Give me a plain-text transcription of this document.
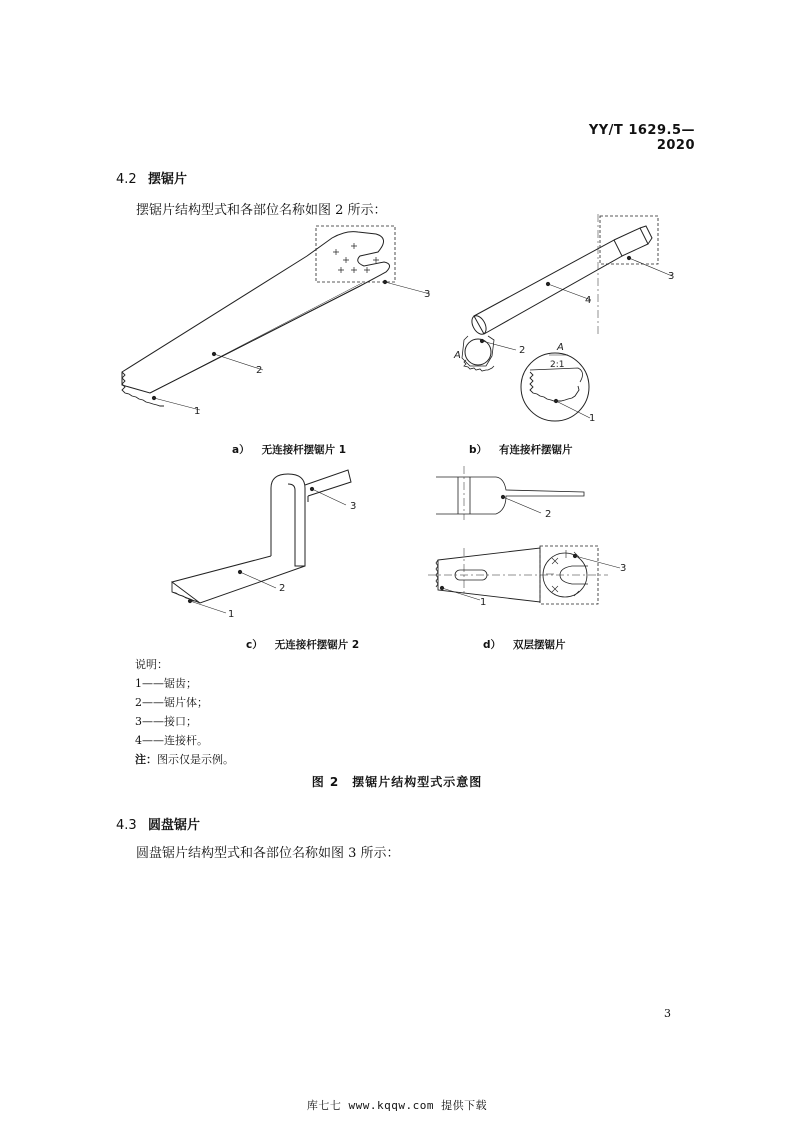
YY/T 1629.5—2020
4.2 摆锯片
摆锯片结构型式和各部位名称如图 2 所示：
2
1
3
4
3
2
1
A
A
2:1
3
2
1
2
3
1
a） 无连接杆摆锯片 1	b） 有连接杆摆锯片
c） 无连接杆摆锯片 2	d） 双层摆锯片
说明：
1——锯齿；
2——锯片体；
3——接口；
4——连接杆。
注：图示仅是示例。
图 2　摆锯片结构型式示意图
4.3 圆盘锯片
圆盘锯片结构型式和各部位名称如图 3 所示：
3
库七七 www.kqqw.com 提供下载
